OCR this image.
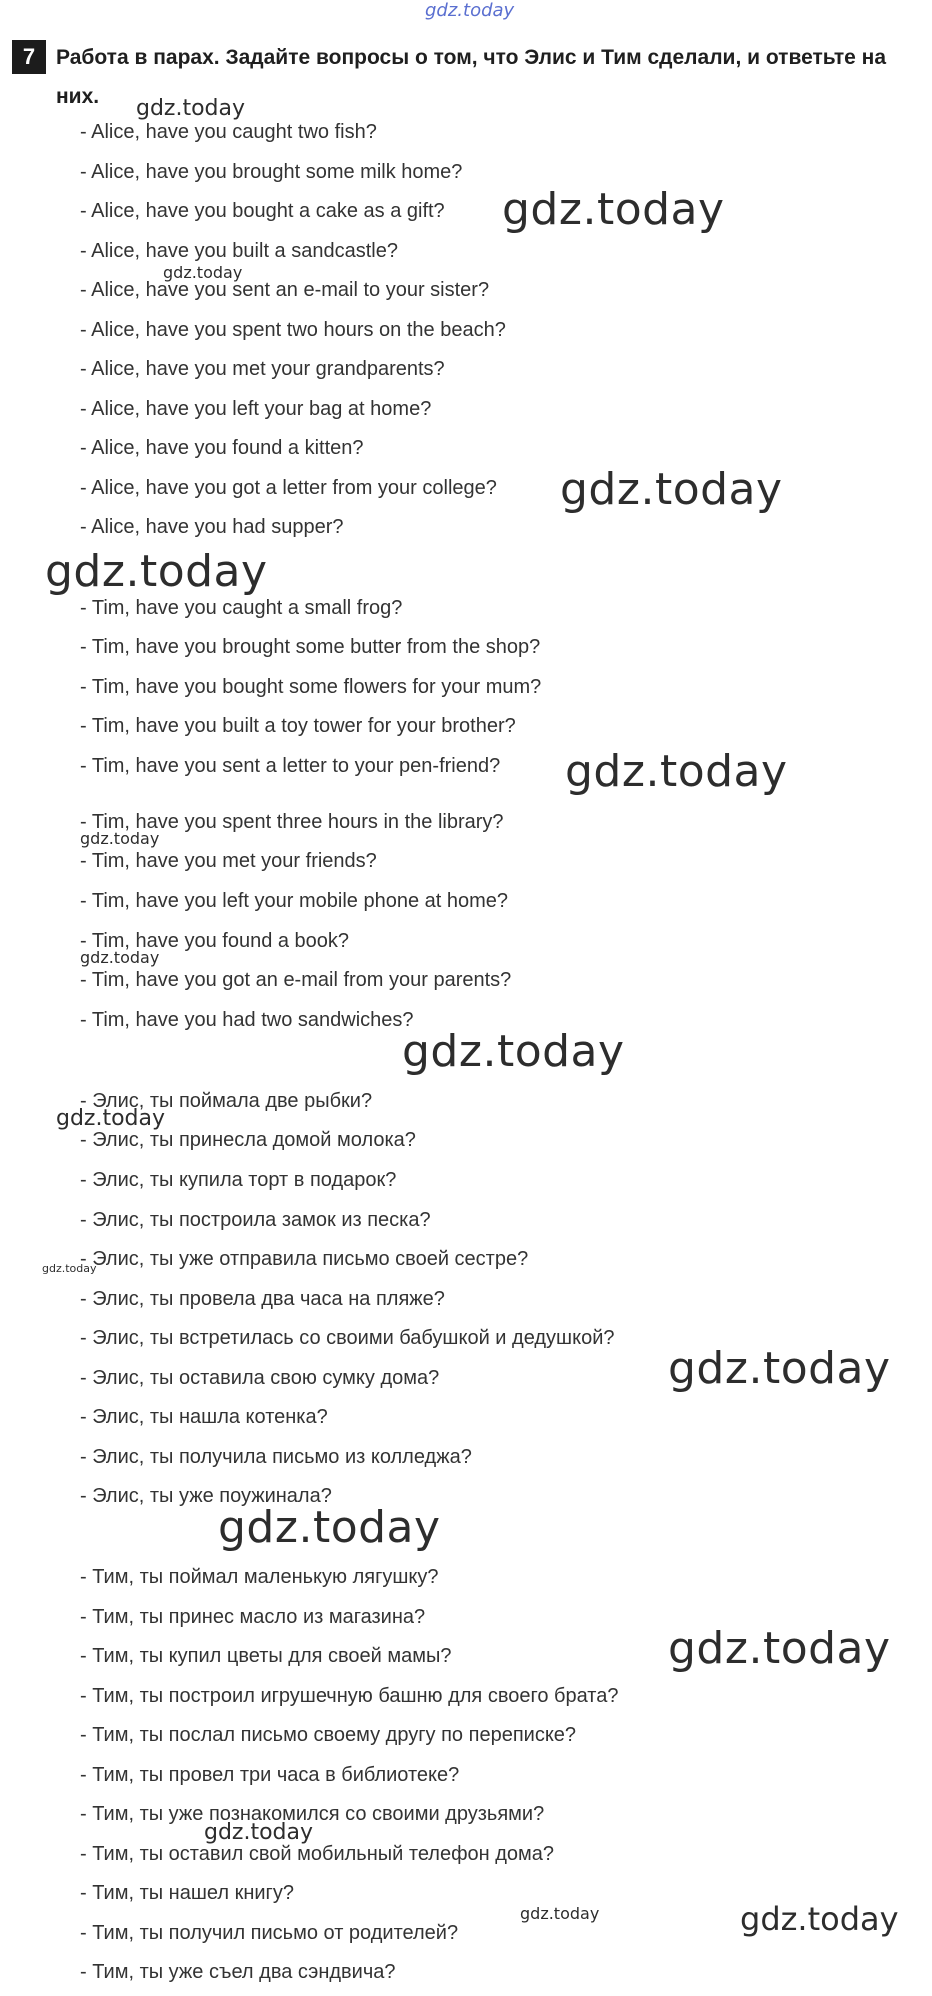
7 Работа в парах. Задайте вопросы о том, что Элис и Тим сделали, и ответьте на них.
- Alice, have you caught two fish?
- Alice, have you brought some milk home?
- Alice, have you bought a cake as a gift?
- Alice, have you built a sandcastle?
- Alice, have you sent an e-mail to your sister?
- Alice, have you spent two hours on the beach?
- Alice, have you met your grandparents?
- Alice, have you left your bag at home?
- Alice, have you found a kitten?
- Alice, have you got a letter from your college?
- Alice, have you had supper?
- Tim, have you caught a small frog?
- Tim, have you brought some butter from the shop?
- Tim, have you bought some flowers for your mum?
- Tim, have you built a toy tower for your brother?
- Tim, have you sent a letter to your pen-friend?
- Tim, have you spent three hours in the library?
- Tim, have you met your friends?
- Tim, have you left your mobile phone at home?
- Tim, have you found a book?
- Tim, have you got an e-mail from your parents?
- Tim, have you had two sandwiches?
- Элис, ты поймала две рыбки?
- Элис, ты принесла домой молока?
- Элис, ты купила торт в подарок?
- Элис, ты построила замок из песка?
- Элис, ты уже отправила письмо своей сестре?
- Элис, ты провела два часа на пляже?
- Элис, ты встретилась со своими бабушкой и дедушкой?
- Элис, ты оставила свою сумку дома?
- Элис, ты нашла котенка?
- Элис, ты получила письмо из колледжа?
- Элис, ты уже поужинала?
- Тим, ты поймал маленькую лягушку?
- Тим, ты принес масло из магазина?
- Тим, ты купил цветы для своей мамы?
- Тим, ты построил игрушечную башню для своего брата?
- Тим, ты послал письмо своему другу по переписке?
- Тим, ты провел три часа в библиотеке?
- Тим, ты уже познакомился со своими друзьями?
- Тим, ты оставил свой мобильный телефон дома?
- Тим, ты нашел книгу?
- Тим, ты получил письмо от родителей?
- Тим, ты уже съел два сэндвича?
gdz.today
gdz.today
gdz.today
gdz.today
gdz.today
gdz.today
gdz.today
gdz.today
gdz.today
gdz.today
gdz.today
gdz.today
gdz.today
gdz.today
gdz.today
gdz.today
gdz.today	gdz.today
